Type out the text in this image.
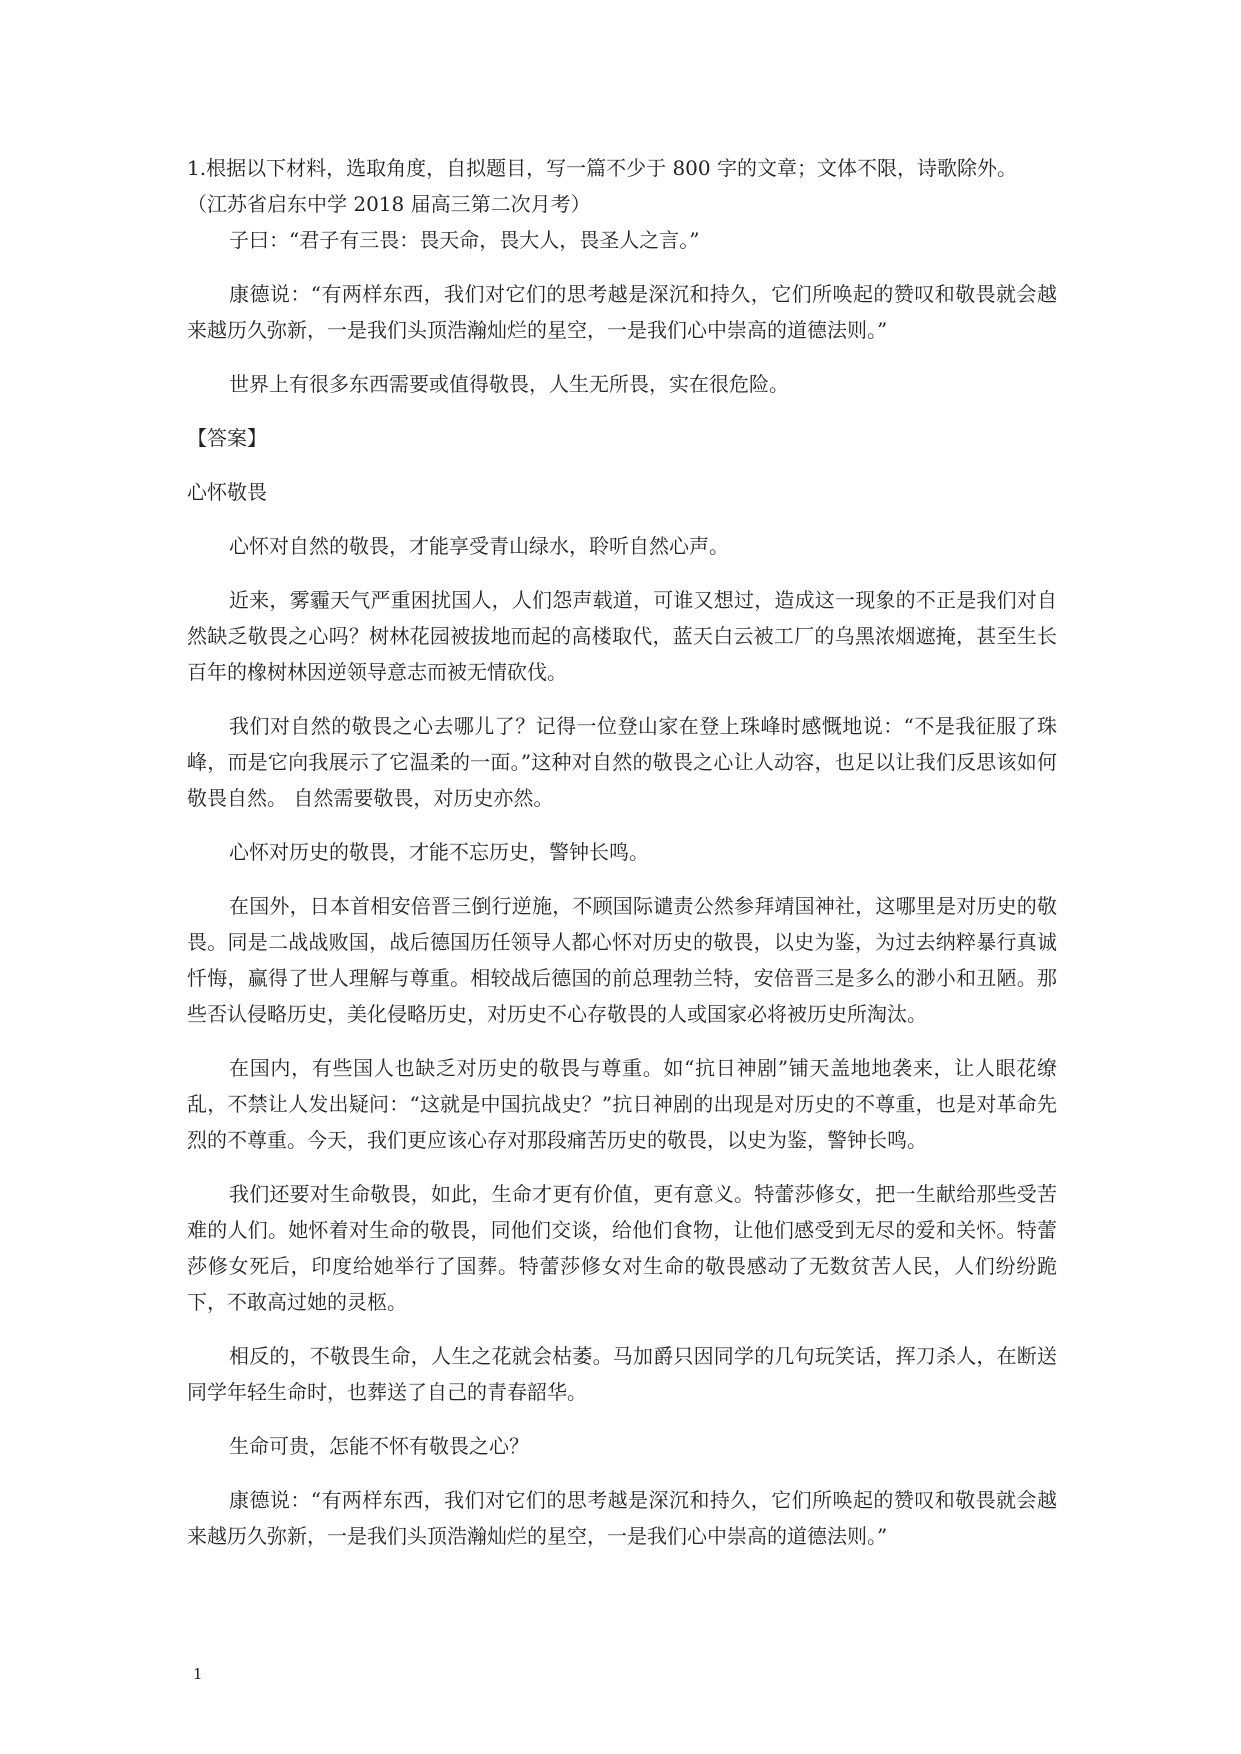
1.根据以下材料，选取角度，自拟题目，写一篇不少于 800 字的文章；文体不限，诗歌除外。

（江苏省启东中学 2018 届高三第二次月考）

子曰：“君子有三畏：畏天命，畏大人，畏圣人之言。”

康德说：“有两样东西，我们对它们的思考越是深沉和持久，它们所唤起的赞叹和敬畏就会越来越历久弥新，一是我们头顶浩瀚灿烂的星空，一是我们心中崇高的道德法则。”

世界上有很多东西需要或值得敬畏，人生无所畏，实在很危险。

【答案】

心怀敬畏

心怀对自然的敬畏，才能享受青山绿水，聆听自然心声。

近来，雾霾天气严重困扰国人，人们怨声载道，可谁又想过，造成这一现象的不正是我们对自然缺乏敬畏之心吗？树林花园被拔地而起的高楼取代，蓝天白云被工厂的乌黑浓烟遮掩，甚至生长百年的橡树林因逆领导意志而被无情砍伐。

我们对自然的敬畏之心去哪儿了？记得一位登山家在登上珠峰时感慨地说：“不是我征服了珠峰，而是它向我展示了它温柔的一面。”这种对自然的敬畏之心让人动容，也足以让我们反思该如何敬畏自然。 自然需要敬畏，对历史亦然。

心怀对历史的敬畏，才能不忘历史，警钟长鸣。

在国外，日本首相安倍晋三倒行逆施，不顾国际谴责公然参拜靖国神社，这哪里是对历史的敬畏。同是二战战败国，战后德国历任领导人都心怀对历史的敬畏，以史为鉴，为过去纳粹暴行真诚忏悔，赢得了世人理解与尊重。相较战后德国的前总理勃兰特，安倍晋三是多么的渺小和丑陋。那些否认侵略历史，美化侵略历史，对历史不心存敬畏的人或国家必将被历史所淘汰。

在国内，有些国人也缺乏对历史的敬畏与尊重。如“抗日神剧”铺天盖地地袭来，让人眼花缭乱，不禁让人发出疑问：“这就是中国抗战史？”抗日神剧的出现是对历史的不尊重，也是对革命先烈的不尊重。今天，我们更应该心存对那段痛苦历史的敬畏，以史为鉴，警钟长鸣。

我们还要对生命敬畏，如此，生命才更有价值，更有意义。特蕾莎修女，把一生献给那些受苦难的人们。她怀着对生命的敬畏，同他们交谈，给他们食物，让他们感受到无尽的爱和关怀。特蕾莎修女死后，印度给她举行了国葬。特蕾莎修女对生命的敬畏感动了无数贫苦人民，人们纷纷跪下，不敢高过她的灵柩。

相反的，不敬畏生命，人生之花就会枯萎。马加爵只因同学的几句玩笑话，挥刀杀人，在断送同学年轻生命时，也葬送了自己的青春韶华。

生命可贵，怎能不怀有敬畏之心？

康德说：“有两样东西，我们对它们的思考越是深沉和持久，它们所唤起的赞叹和敬畏就会越来越历久弥新，一是我们头顶浩瀚灿烂的星空，一是我们心中崇高的道德法则。”

1
